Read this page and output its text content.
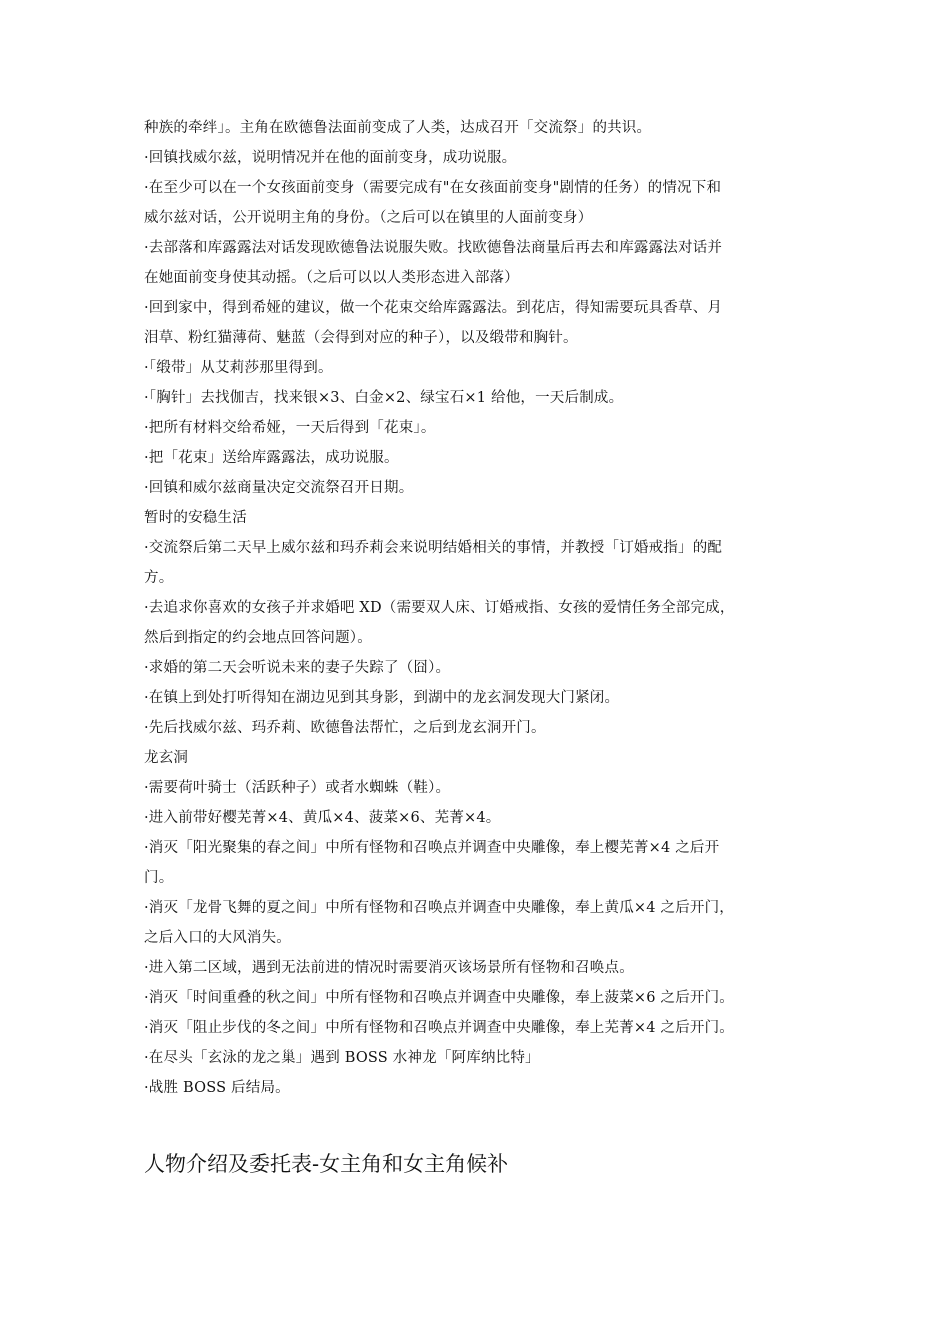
种族的牵绊」。主角在欧德鲁法面前变成了人类，达成召开「交流祭」的共识。
·回镇找威尔兹，说明情况并在他的面前变身，成功说服。
·在至少可以在一个女孩面前变身（需要完成有"在女孩面前变身"剧情的任务）的情况下和
威尔兹对话，公开说明主角的身份。（之后可以在镇里的人面前变身）
·去部落和库露露法对话发现欧德鲁法说服失败。找欧德鲁法商量后再去和库露露法对话并
在她面前变身使其动摇。（之后可以以人类形态进入部落）
·回到家中，得到希娅的建议，做一个花束交给库露露法。到花店，得知需要玩具香草、月
泪草、粉红猫薄荷、魅蓝（会得到对应的种子），以及缎带和胸针。
·「缎带」从艾莉莎那里得到。
·「胸针」去找伽吉，找来银×3、白金×2、绿宝石×1 给他，一天后制成。
·把所有材料交给希娅，一天后得到「花束」。
·把「花束」送给库露露法，成功说服。
·回镇和威尔兹商量决定交流祭召开日期。
暂时的安稳生活
·交流祭后第二天早上威尔兹和玛乔莉会来说明结婚相关的事情，并教授「订婚戒指」的配
方。
·去追求你喜欢的女孩子并求婚吧 XD（需要双人床、订婚戒指、女孩的爱情任务全部完成，
然后到指定的约会地点回答问题）。
·求婚的第二天会听说未来的妻子失踪了（囧）。
·在镇上到处打听得知在湖边见到其身影，到湖中的龙玄洞发现大门紧闭。
·先后找威尔兹、玛乔莉、欧德鲁法帮忙，之后到龙玄洞开门。
龙玄洞
·需要荷叶骑士（活跃种子）或者水蜘蛛（鞋）。
·进入前带好樱芜菁×4、黄瓜×4、菠菜×6、芜菁×4。
·消灭「阳光聚集的春之间」中所有怪物和召唤点并调查中央雕像，奉上樱芜菁×4 之后开
门。
·消灭「龙骨飞舞的夏之间」中所有怪物和召唤点并调查中央雕像，奉上黄瓜×4 之后开门，
之后入口的大风消失。
·进入第二区域，遇到无法前进的情况时需要消灭该场景所有怪物和召唤点。
·消灭「时间重叠的秋之间」中所有怪物和召唤点并调查中央雕像，奉上菠菜×6 之后开门。
·消灭「阻止步伐的冬之间」中所有怪物和召唤点并调查中央雕像，奉上芜菁×4 之后开门。
·在尽头「玄泳的龙之巢」遇到 BOSS 水神龙「阿库纳比特」
·战胜 BOSS 后结局。
人物介绍及委托表-女主角和女主角候补
